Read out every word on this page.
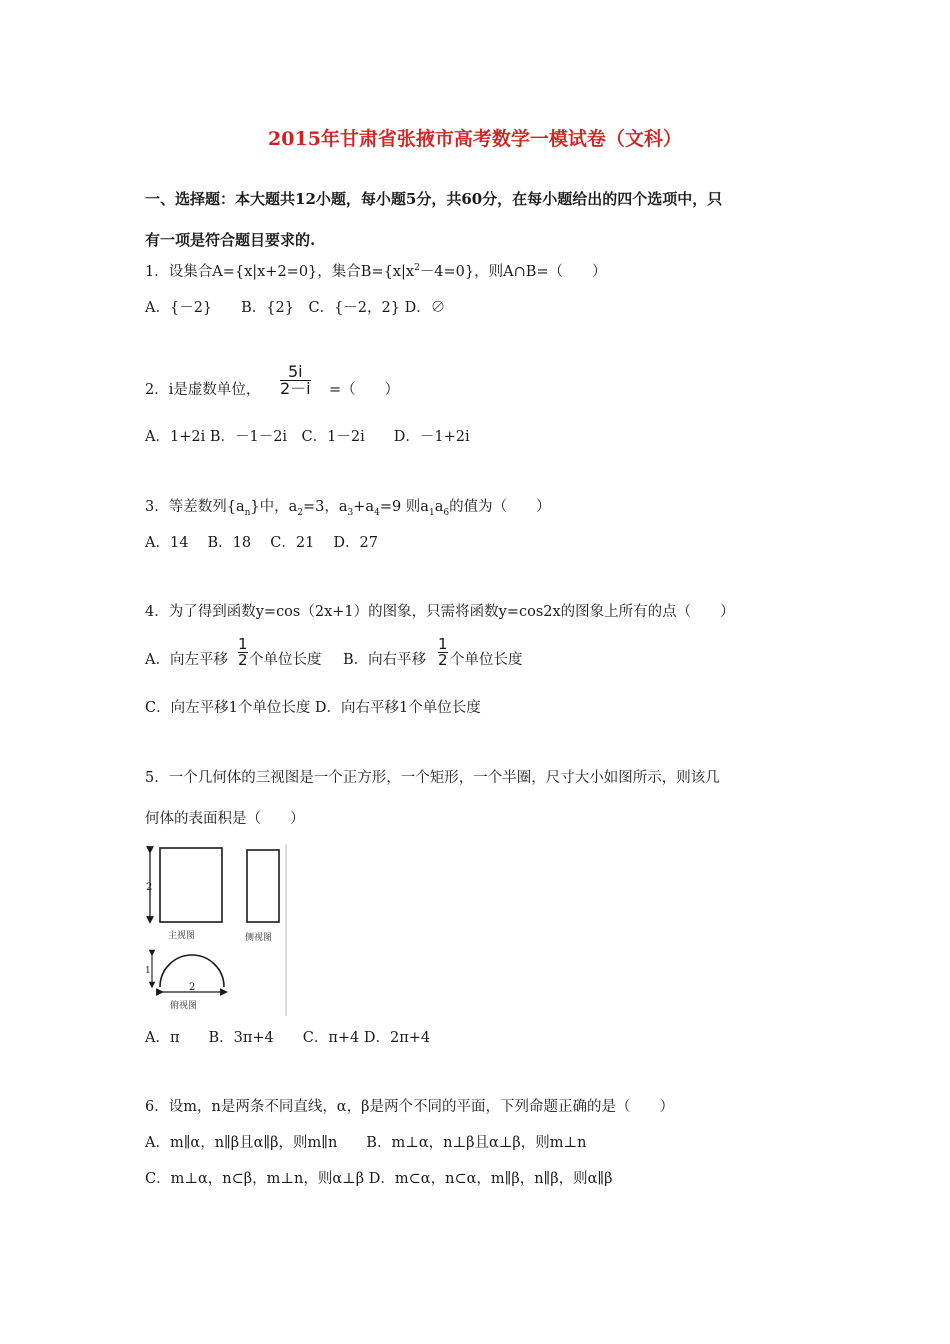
2015年甘肃省张掖市高考数学一模试卷（文科）
一、选择题：本大题共12小题，每小题5分，共60分，在每小题给出的四个选项中，只
有一项是符合题目要求的.
1．设集合A={x|x+2=0}，集合$B=\{x|x^2-4=0\}$，则A∩B=（　　）
A．{－2}　　B．{2}　C．{－2，2} D．∅
2．i是虚数单位， $\frac{5i}{2-i}$ =（　　）
A．1+2i B．－1－2i　C．1－2i　　D．－1+2i
3．等差数列$\{a_n\}$中，$a_2=3$，$a_3+a_4=9$ 则$a_1a_6$的值为（　　）
A．14　 B．18　 C．21　 D．27
4．为了得到函数y=cos（2x+1）的图象，只需将函数y=cos2x的图象上所有的点（　　）
A．向左平移 $\frac{1}{2}$ 个单位长度 B．向右平移 $\frac{1}{2}$ 个单位长度
C．向左平移1个单位长度 D．向右平移1个单位长度
5．一个几何体的三视图是一个正方形，一个矩形，一个半圈，尺寸大小如图所示，则该几
何体的表面积是（　　）
2
主视图	侧视图
1
2
俯视图
A．π　　B．3π+4　　C．π+4 D．2π+4
6．设m，n是两条不同直线，α，β是两个不同的平面，下列命题正确的是（　　）
A．m∥α，n∥β且α∥β，则m∥n　　B．m⊥α，n⊥β且α⊥β，则m⊥n
C．m⊥α，n⊂β，m⊥n，则α⊥β D．m⊂α，n⊂α，m∥β，n∥β，则α∥β
